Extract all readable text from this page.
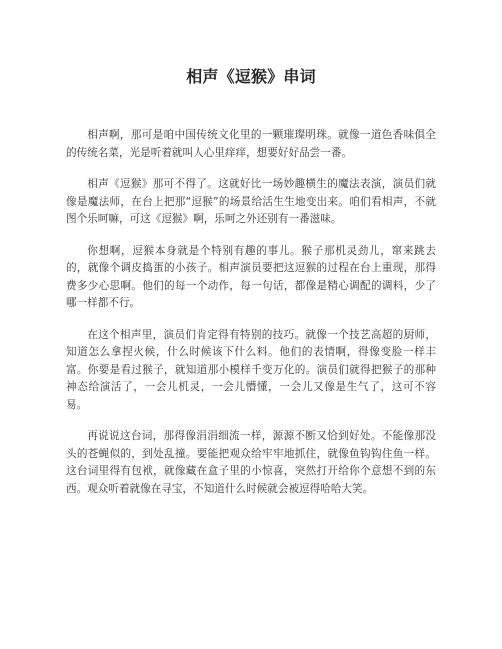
相声《逗猴》串词

相声啊，那可是咱中国传统文化里的一颗璀璨明珠。就像一道色香味俱全的传统名菜，光是听着就叫人心里痒痒，想要好好品尝一番。

相声《逗猴》那可不得了。这就好比一场妙趣横生的魔法表演，演员们就像是魔法师，在台上把那“逗猴”的场景给活生生地变出来。咱们看相声，不就图个乐呵嘛，可这《逗猴》啊，乐呵之外还别有一番滋味。

你想啊，逗猴本身就是个特别有趣的事儿。猴子那机灵劲儿，窜来跳去的，就像个调皮捣蛋的小孩子。相声演员要把这逗猴的过程在台上重现，那得费多少心思啊。他们的每一个动作，每一句话，都像是精心调配的调料，少了哪一样都不行。

在这个相声里，演员们肯定得有特别的技巧。就像一个技艺高超的厨师，知道怎么拿捏火候，什么时候该下什么料。他们的表情啊，得像变脸一样丰富。你要是看过猴子，就知道那小模样千变万化的。演员们就得把猴子的那种神态给演活了，一会儿机灵，一会儿懵懂，一会儿又像是生气了，这可不容易。

再说说这台词，那得像涓涓细流一样，源源不断又恰到好处。不能像那没头的苍蝇似的，到处乱撞。要能把观众给牢牢地抓住，就像鱼钩钩住鱼一样。这台词里得有包袱，就像藏在盒子里的小惊喜，突然打开给你个意想不到的东西。观众听着就像在寻宝，不知道什么时候就会被逗得哈哈大笑。
